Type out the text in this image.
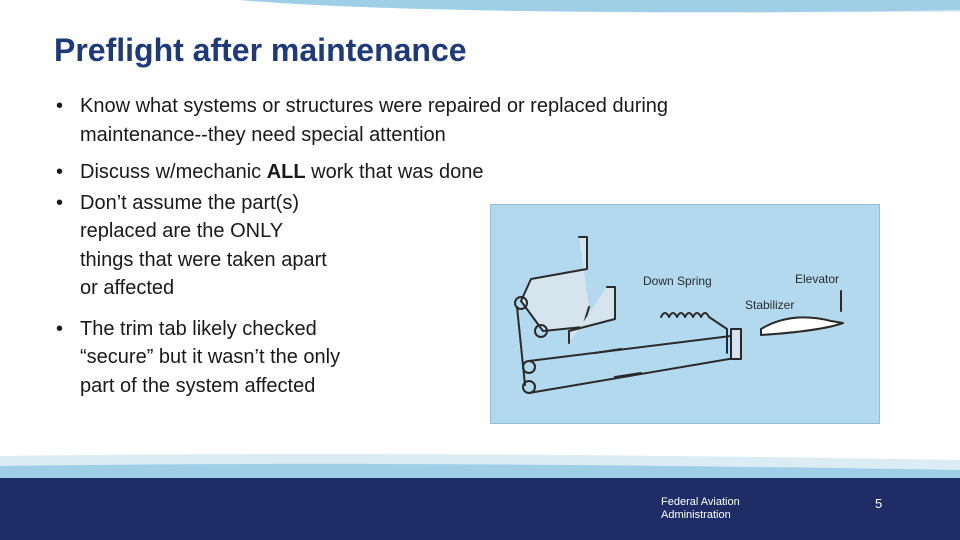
Preflight after maintenance
• Know what systems or structures were repaired or replaced during maintenance--they need special attention
• Discuss w/mechanic ALL work that was done
• Don’t assume the part(s) replaced are the ONLY things that were taken apart or affected
• The trim tab likely checked “secure” but it wasn’t the only part of the system affected
Down Spring	Elevator
Stabilizer
Federal Aviation
Administration
5
